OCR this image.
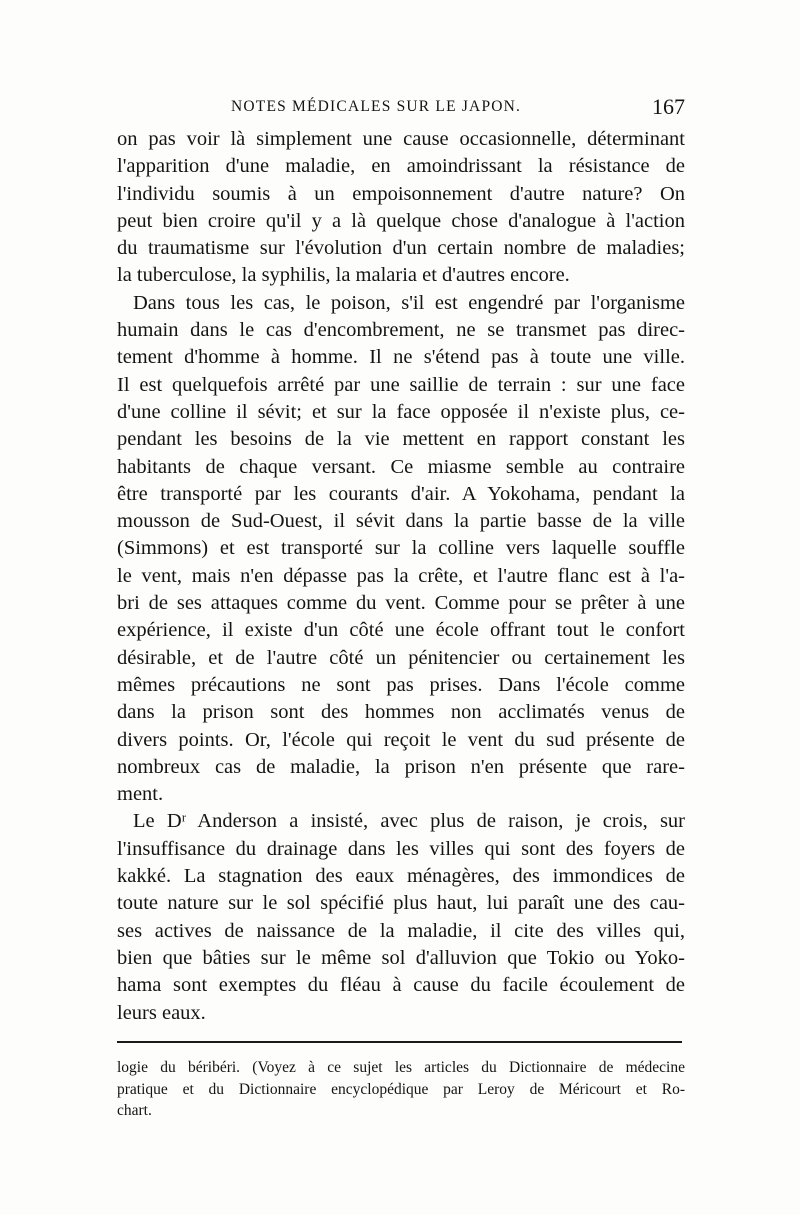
NOTES MÉDICALES SUR LE JAPON.	167
on pas voir là simplement une cause occasionnelle, déterminant
l'apparition d'une maladie, en amoindrissant la résistance de
l'individu soumis à un empoisonnement d'autre nature? On
peut bien croire qu'il y a là quelque chose d'analogue à l'action
du traumatisme sur l'évolution d'un certain nombre de maladies;
la tuberculose, la syphilis, la malaria et d'autres encore.
Dans tous les cas, le poison, s'il est engendré par l'organisme
humain dans le cas d'encombrement, ne se transmet pas direc-
tement d'homme à homme. Il ne s'étend pas à toute une ville.
Il est quelquefois arrêté par une saillie de terrain : sur une face
d'une colline il sévit; et sur la face opposée il n'existe plus, ce-
pendant les besoins de la vie mettent en rapport constant les
habitants de chaque versant. Ce miasme semble au contraire
être transporté par les courants d'air. A Yokohama, pendant la
mousson de Sud-Ouest, il sévit dans la partie basse de la ville
(Simmons) et est transporté sur la colline vers laquelle souffle
le vent, mais n'en dépasse pas la crête, et l'autre flanc est à l'a-
bri de ses attaques comme du vent. Comme pour se prêter à une
expérience, il existe d'un côté une école offrant tout le confort
désirable, et de l'autre côté un pénitencier ou certainement les
mêmes précautions ne sont pas prises. Dans l'école comme
dans la prison sont des hommes non acclimatés venus de
divers points. Or, l'école qui reçoit le vent du sud présente de
nombreux cas de maladie, la prison n'en présente que rare-
ment.
Le Dʳ Anderson a insisté, avec plus de raison, je crois, sur
l'insuffisance du drainage dans les villes qui sont des foyers de
kakké. La stagnation des eaux ménagères, des immondices de
toute nature sur le sol spécifié plus haut, lui paraît une des cau-
ses actives de naissance de la maladie, il cite des villes qui,
bien que bâties sur le même sol d'alluvion que Tokio ou Yoko-
hama sont exemptes du fléau à cause du facile écoulement de
leurs eaux.
logie du béribéri. (Voyez à ce sujet les articles du Dictionnaire de médecine
pratique et du Dictionnaire encyclopédique par Leroy de Méricourt et Ro-
chart.
